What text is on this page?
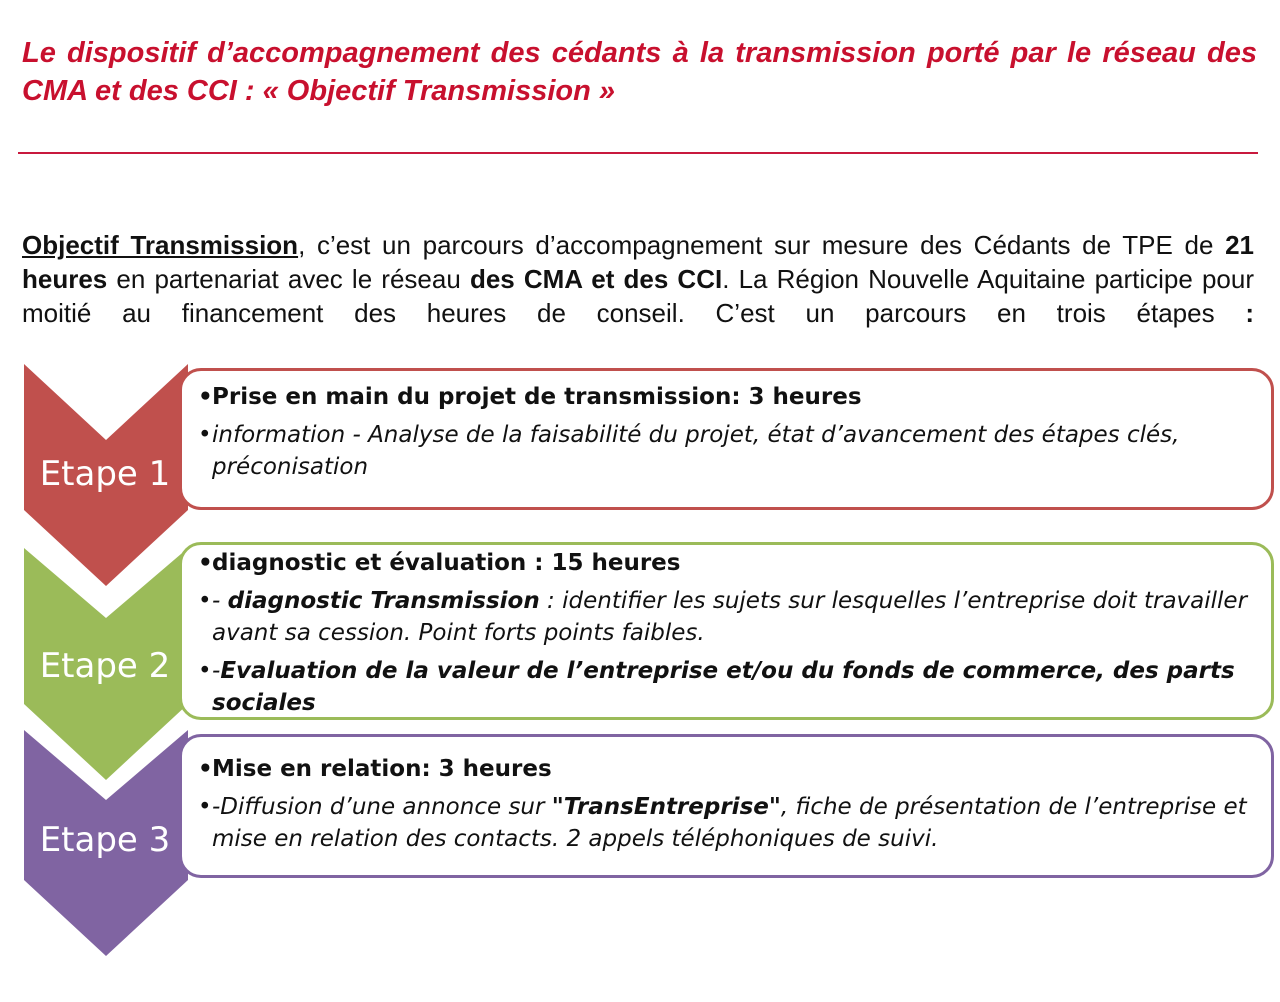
Le dispositif d’accompagnement des cédants à la transmission porté par le réseau des CMA et des CCI : « Objectif Transmission »

Objectif Transmission, c’est un parcours d’accompagnement sur mesure des Cédants de TPE de 21 heures en partenariat avec le réseau des CMA et des CCI. La Région Nouvelle Aquitaine participe pour moitié au financement des heures de conseil. C’est un parcours en trois étapes :

Etape 1
Etape 2
Etape 3
• Prise en main du projet de transmission: 3 heures
• information - Analyse de la faisabilité du projet, état d’avancement des étapes clés, préconisation
• diagnostic et évaluation : 15 heures
• - diagnostic Transmission : identifier les sujets sur lesquelles l’entreprise doit travailler avant sa cession. Point forts points faibles.
• -Evaluation de la valeur de l’entreprise et/ou du fonds de commerce, des parts sociales
• Mise en relation: 3 heures
• -Diffusion d’une annonce sur "TransEntreprise", fiche de présentation de l’entreprise et mise en relation des contacts. 2 appels téléphoniques de suivi.
